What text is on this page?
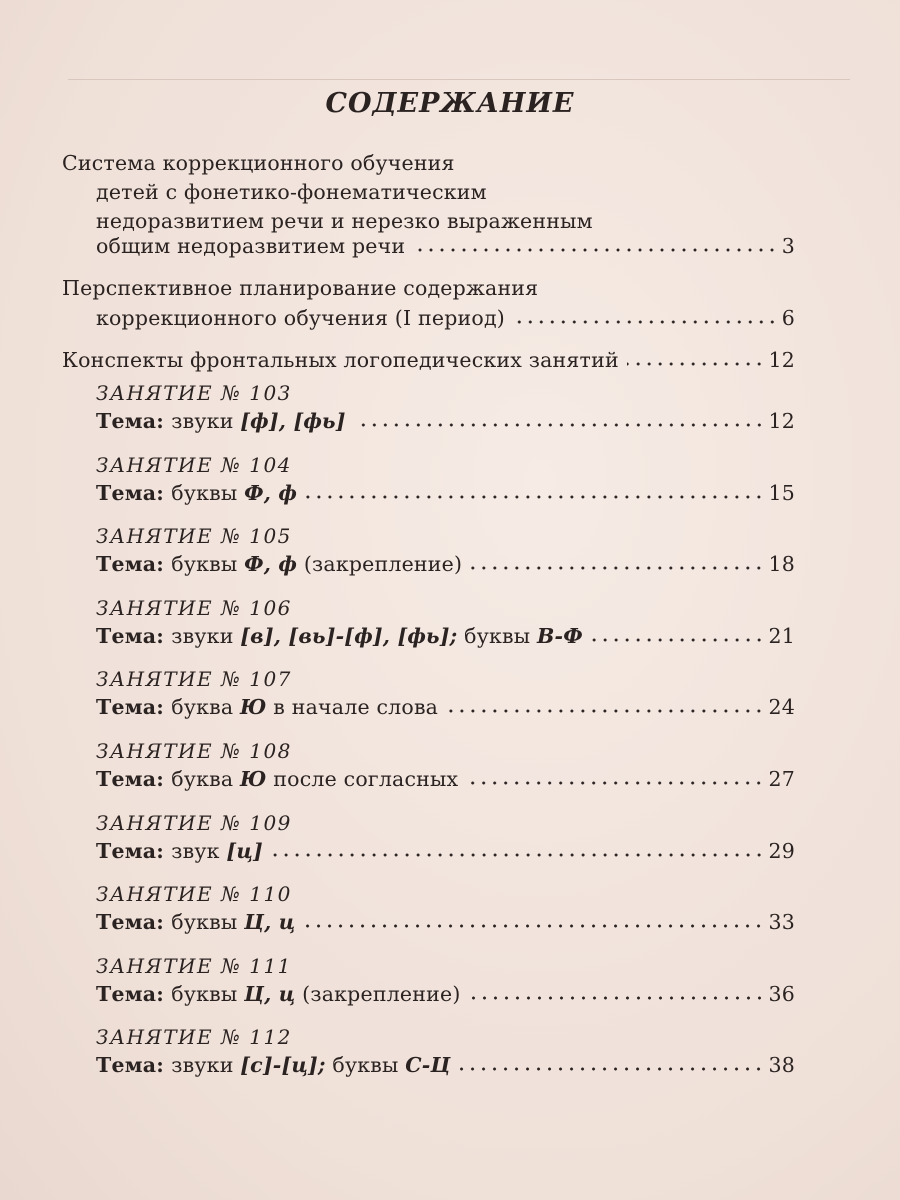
СОДЕРЖАНИЕ
Система коррекционного обучения
детей с фонетико-фонематическим
недоразвитием речи и нерезко выраженным
общим недоразвитием речи	3
Перспективное планирование содержания
коррекционного обучения (I период)	6
Конспекты фронтальных логопедических занятий	12
ЗАНЯТИЕ № 103
Тема: звуки [ф], [фь]	12
ЗАНЯТИЕ № 104
Тема: буквы Ф, ф	15
ЗАНЯТИЕ № 105
Тема: буквы Ф, ф (закрепление)	18
ЗАНЯТИЕ № 106
Тема: звуки [в], [вь]-[ф], [фь]; буквы В-Ф	21
ЗАНЯТИЕ № 107
Тема: буква Ю в начале слова	24
ЗАНЯТИЕ № 108
Тема: буква Ю после согласных	27
ЗАНЯТИЕ № 109
Тема: звук [ц]	29
ЗАНЯТИЕ № 110
Тема: буквы Ц, ц	33
ЗАНЯТИЕ № 111
Тема: буквы Ц, ц (закрепление)	36
ЗАНЯТИЕ № 112
Тема: звуки [с]-[ц]; буквы С-Ц	38
